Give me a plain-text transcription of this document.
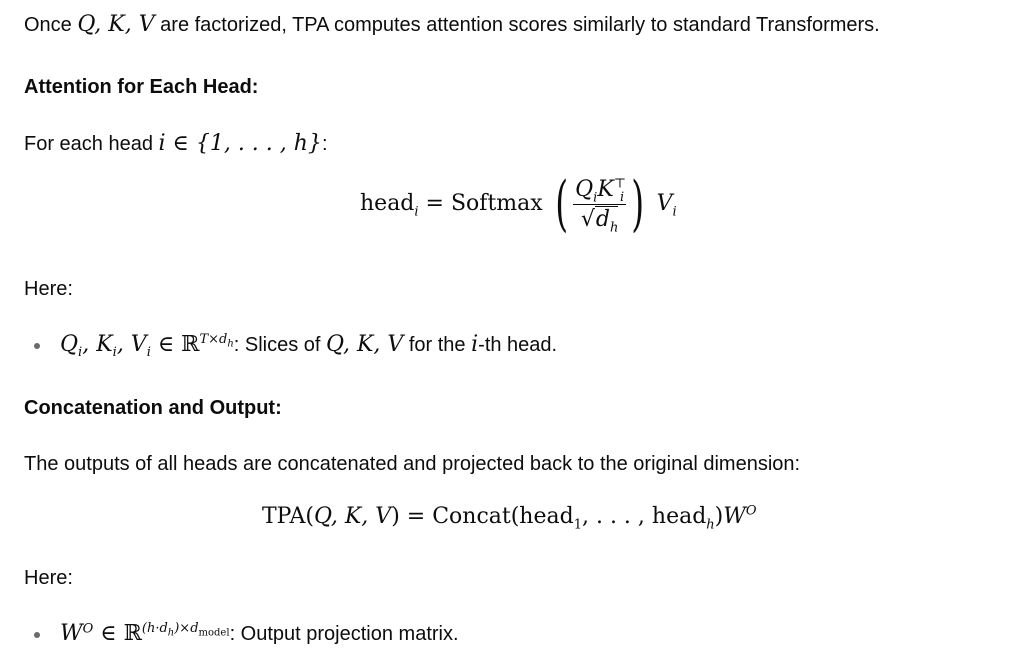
Once Q, K, V are factorized, TPA computes attention scores similarly to standard Transformers.
Attention for Each Head:
For each head i ∈ {1, . . . , h}:
head$_i$ = Softmax ( $\frac{Q_iK^⊤_i}{√d_h}$ ) $V_i$
Here:
$Q_i$, $K_i$, $V_i$ ∈ ℝ$^{T\times d_h}$: Slices of Q, K, V for the i-th head.
Concatenation and Output:
The outputs of all heads are concatenated and projected back to the original dimension:
TPA(Q, K, V) = Concat(head$_1$, . . . , $head_h)W^O$
Here:
$W^O$ ∈ ℝ$^{(h\cdot d_h)\times d_{model}}$: Output projection matrix.
